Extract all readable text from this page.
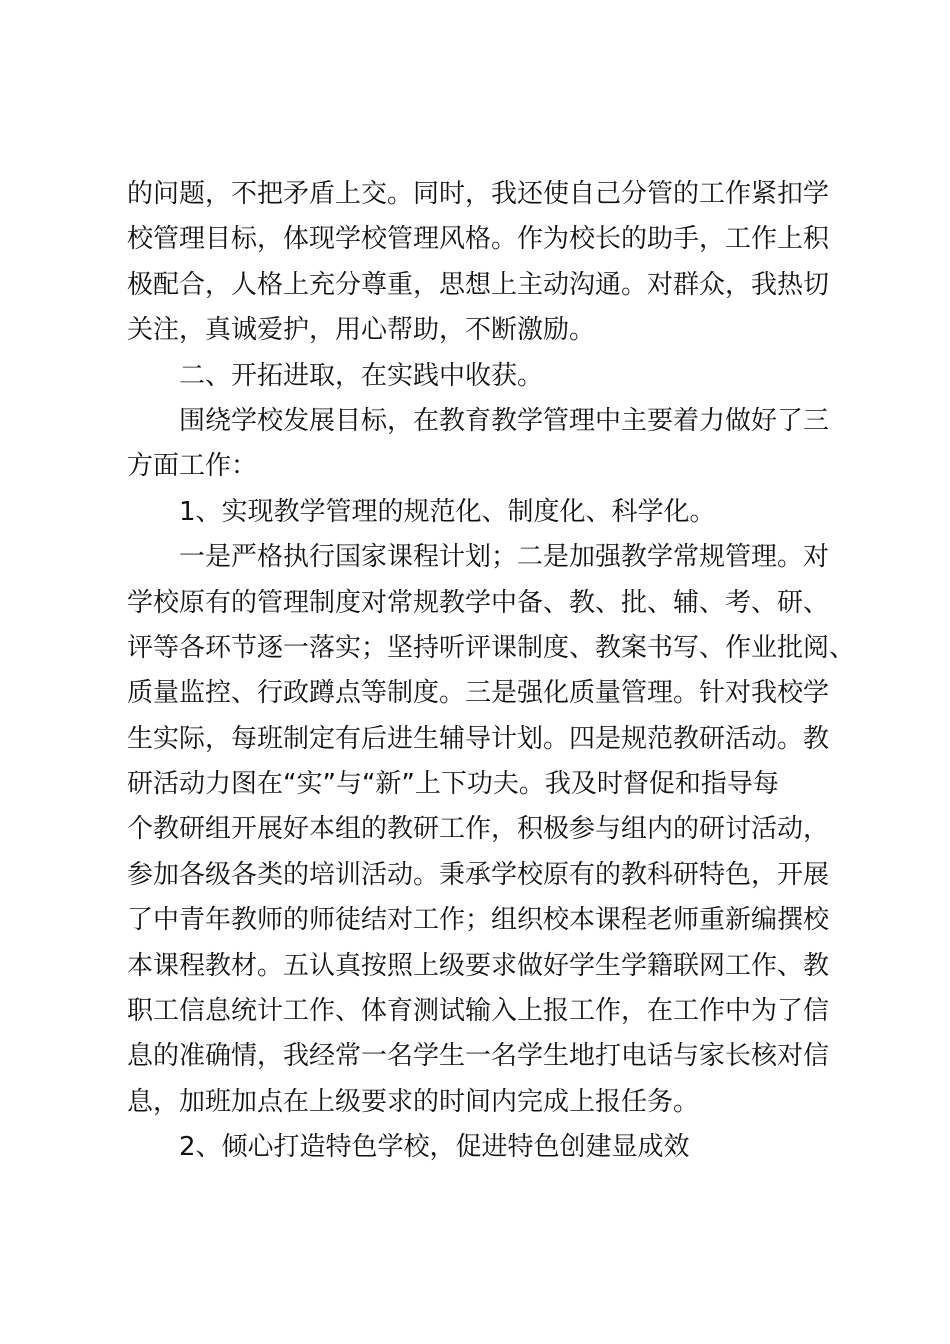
的问题，不把矛盾上交。同时，我还使自己分管的工作紧扣学
校管理目标，体现学校管理风格。作为校长的助手，工作上积
极配合，人格上充分尊重，思想上主动沟通。对群众，我热切
关注，真诚爱护，用心帮助，不断激励。
二、开拓进取，在实践中收获。
围绕学校发展目标，在教育教学管理中主要着力做好了三
方面工作：
1、实现教学管理的规范化、制度化、科学化。
一是严格执行国家课程计划；二是加强教学常规管理。对
学校原有的管理制度对常规教学中备、教、批、辅、考、研、
评等各环节逐一落实；坚持听评课制度、教案书写、作业批阅、
质量监控、行政蹲点等制度。三是强化质量管理。针对我校学
生实际，每班制定有后进生辅导计划。四是规范教研活动。教
研活动力图在“实”与“新”上下功夫。我及时督促和指导每
个教研组开展好本组的教研工作，积极参与组内的研讨活动，
参加各级各类的培训活动。秉承学校原有的教科研特色，开展
了中青年教师的师徒结对工作；组织校本课程老师重新编撰校
本课程教材。五认真按照上级要求做好学生学籍联网工作、教
职工信息统计工作、体育测试输入上报工作，在工作中为了信
息的准确情，我经常一名学生一名学生地打电话与家长核对信
息，加班加点在上级要求的时间内完成上报任务。
2、倾心打造特色学校，促进特色创建显成效
